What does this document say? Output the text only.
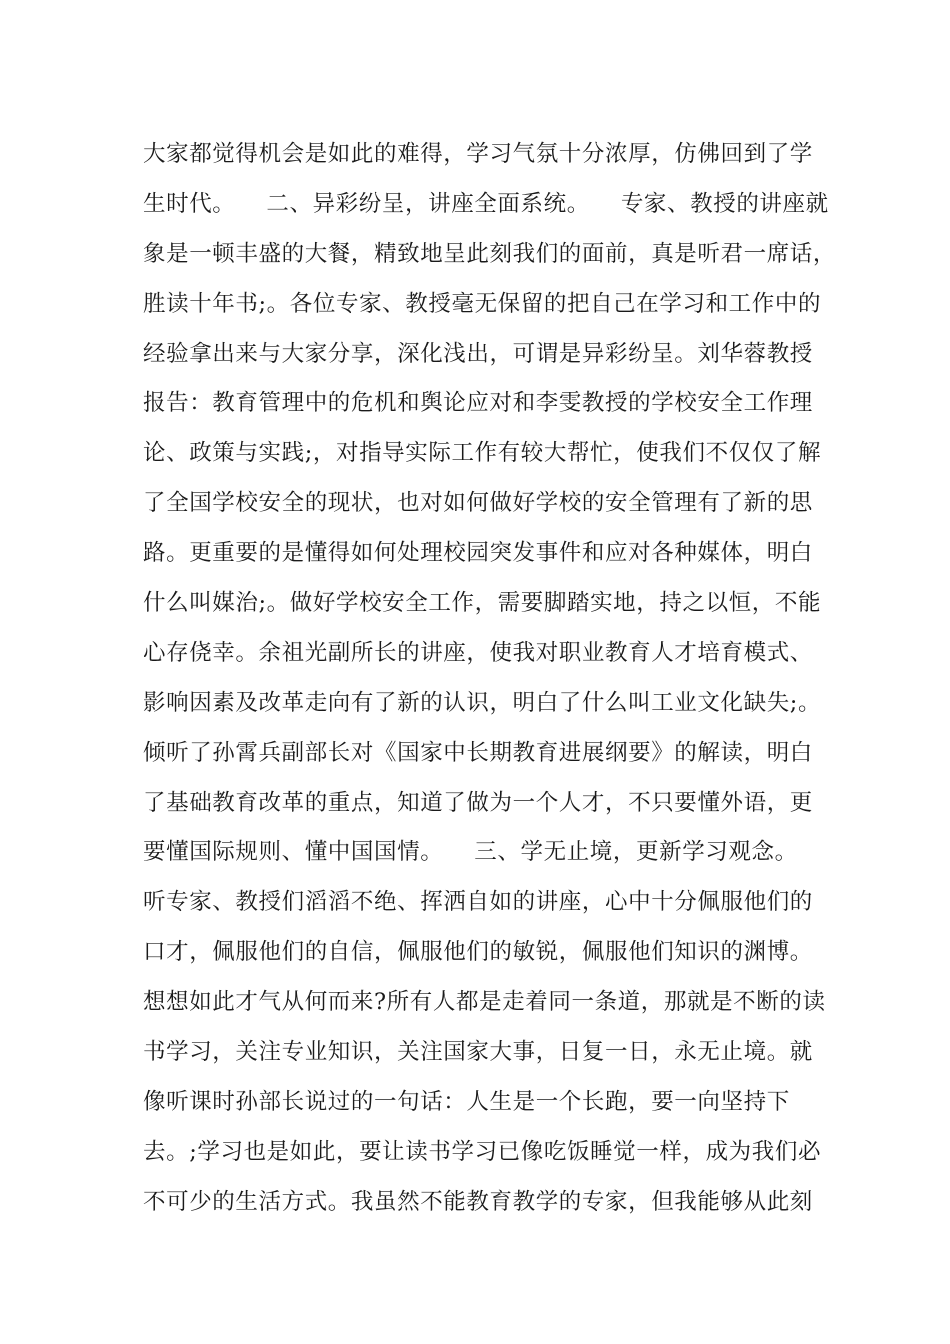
大家都觉得机会是如此的难得，学习气氛十分浓厚，仿佛回到了学
生时代。    二、异彩纷呈，讲座全面系统。    专家、教授的讲座就
象是一顿丰盛的大餐，精致地呈此刻我们的面前，真是听君一席话，
胜读十年书;。各位专家、教授毫无保留的把自己在学习和工作中的
经验拿出来与大家分享，深化浅出，可谓是异彩纷呈。刘华蓉教授
报告：教育管理中的危机和舆论应对和李雯教授的学校安全工作理
论、政策与实践;，对指导实际工作有较大帮忙，使我们不仅仅了解
了全国学校安全的现状，也对如何做好学校的安全管理有了新的思
路。更重要的是懂得如何处理校园突发事件和应对各种媒体，明白
什么叫媒治;。做好学校安全工作，需要脚踏实地，持之以恒，不能
心存侥幸。余祖光副所长的讲座，使我对职业教育人才培育模式、
影响因素及改革走向有了新的认识，明白了什么叫工业文化缺失;。
倾听了孙霄兵副部长对《国家中长期教育进展纲要》的解读，明白
了基础教育改革的重点，知道了做为一个人才，不只要懂外语，更
要懂国际规则、懂中国国情。    三、学无止境，更新学习观念。
听专家、教授们滔滔不绝、挥洒自如的讲座，心中十分佩服他们的
口才，佩服他们的自信，佩服他们的敏锐，佩服他们知识的渊博。
想想如此才气从何而来?所有人都是走着同一条道，那就是不断的读
书学习，关注专业知识，关注国家大事，日复一日，永无止境。就
像听课时孙部长说过的一句话：人生是一个长跑，要一向坚持下
去。;学习也是如此，要让读书学习已像吃饭睡觉一样，成为我们必
不可少的生活方式。我虽然不能教育教学的专家，但我能够从此刻
